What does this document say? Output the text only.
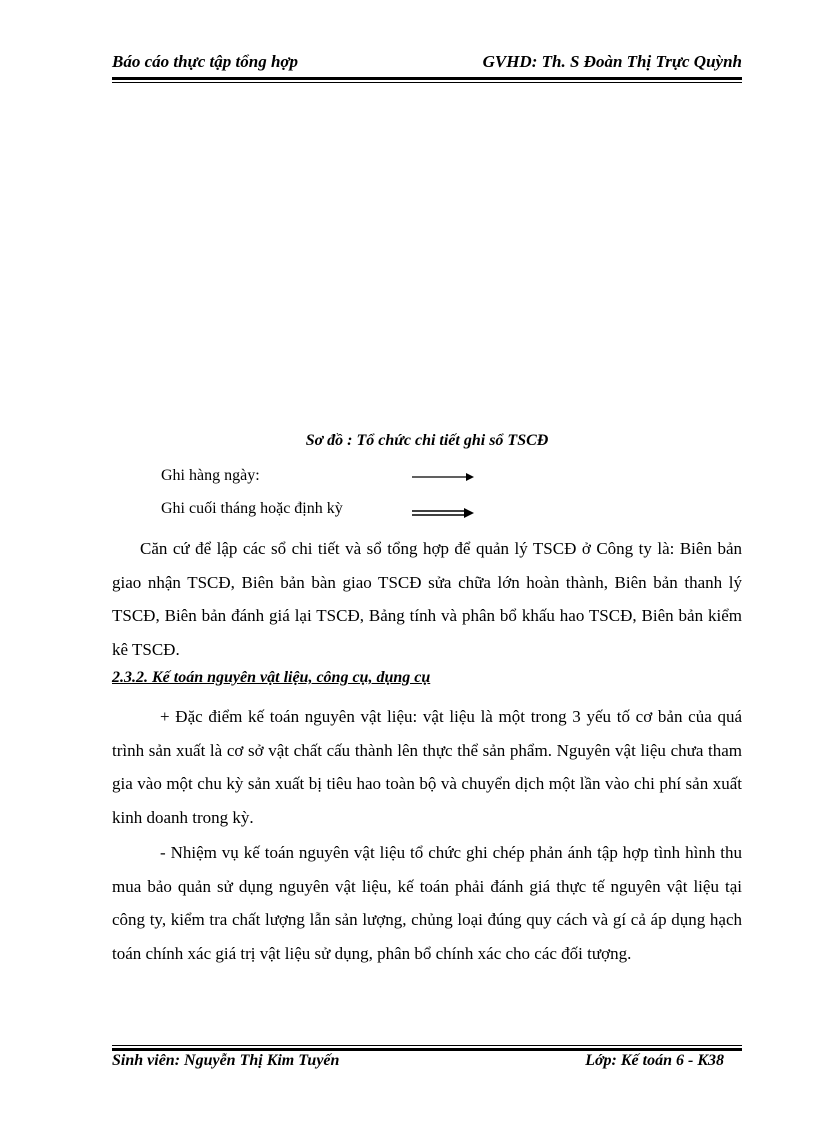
Báo cáo thực tập tổng hợp	GVHD: Th. S Đoàn Thị Trực Quỳnh
Sơ đồ : Tổ chức chi tiết ghi sổ TSCĐ
Ghi hàng ngày:
Ghi cuối tháng hoặc định kỳ

Căn cứ để lập các sổ chi tiết và sổ tổng hợp để quản lý TSCĐ ở Công ty là: Biên bản giao nhận TSCĐ, Biên bản bàn giao TSCĐ sửa chữa lớn hoàn thành, Biên bản thanh lý TSCĐ, Biên bản đánh giá lại TSCĐ, Bảng tính và phân bổ khấu hao TSCĐ, Biên bản kiểm kê TSCĐ.

2.3.2. Kế toán nguyên vật liệu, công cụ, dụng cụ

+ Đặc điểm kế toán nguyên vật liệu: vật liệu là một trong 3 yếu tố cơ bản của quá trình sản xuất là cơ sở vật chất cấu thành lên thực thể sản phẩm. Nguyên vật liệu chưa tham gia vào một chu kỳ sản xuất bị tiêu hao toàn bộ và chuyển dịch một lần vào chi phí sản xuất kinh doanh trong kỳ.

- Nhiệm vụ kế toán nguyên vật liệu tổ chức ghi chép phản ánh tập hợp tình hình thu mua bảo quản sử dụng nguyên vật liệu, kế toán phải đánh giá thực tế nguyên vật liệu tại công ty, kiểm tra chất lượng lẫn sản lượng, chủng loại đúng quy cách và gí cả áp dụng hạch toán chính xác giá trị vật liệu sử dụng, phân bổ chính xác cho các đối tượng.

Sinh viên: Nguyễn Thị Kim Tuyến	Lớp: Kế toán 6 - K38
